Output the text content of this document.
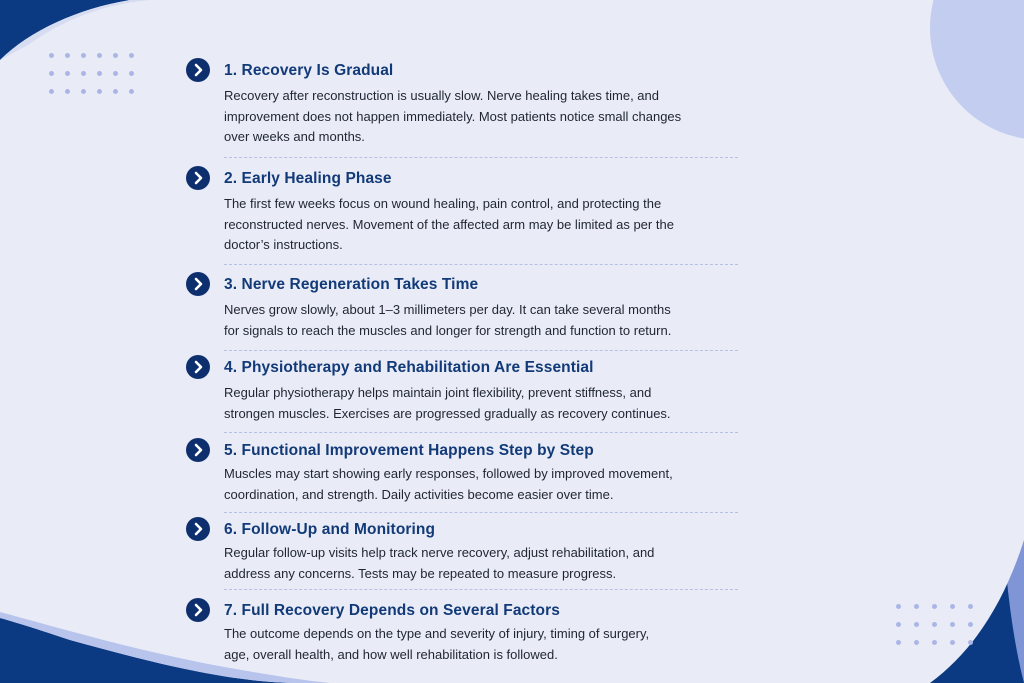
1. Recovery Is Gradual

Recovery after reconstruction is usually slow. Nerve healing takes time, and
improvement does not happen immediately. Most patients notice small changes
over weeks and months.

2. Early Healing Phase

The first few weeks focus on wound healing, pain control, and protecting the
reconstructed nerves. Movement of the affected arm may be limited as per the
doctor’s instructions.

3. Nerve Regeneration Takes Time

Nerves grow slowly, about 1–3 millimeters per day. It can take several months
for signals to reach the muscles and longer for strength and function to return.

4. Physiotherapy and Rehabilitation Are Essential

Regular physiotherapy helps maintain joint flexibility, prevent stiffness, and
strongen muscles. Exercises are progressed gradually as recovery continues.

5. Functional Improvement Happens Step by Step

Muscles may start showing early responses, followed by improved movement,
coordination, and strength. Daily activities become easier over time.

6. Follow-Up and Monitoring

Regular follow-up visits help track nerve recovery, adjust rehabilitation, and
address any concerns. Tests may be repeated to measure progress.

7. Full Recovery Depends on Several Factors

The outcome depends on the type and severity of injury, timing of surgery,
age, overall health, and how well rehabilitation is followed.
